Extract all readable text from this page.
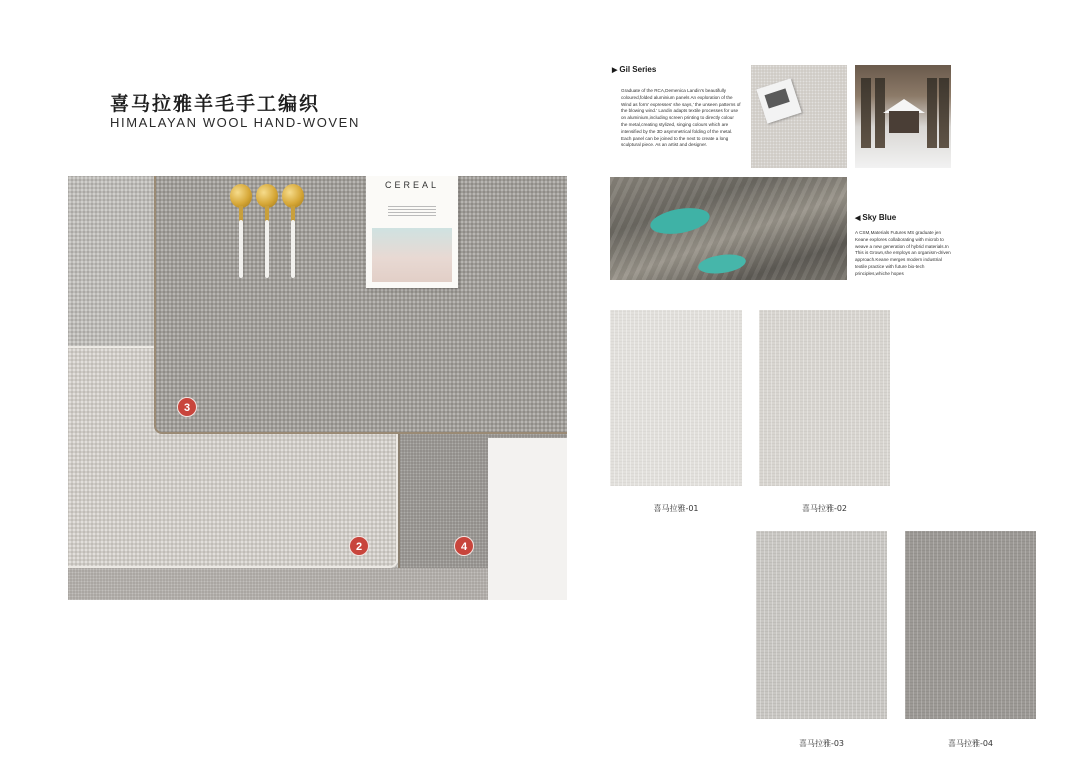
喜马拉雅羊毛手工编织
HIMALAYAN WOOL HAND-WOVEN
CEREAL
3
2	4
▶ Gil Series
Graduate of the RCA,Demenica Landin's beautifully coloured,folded aluminium panels An exploration of the Wind as form' expresses' she says,' the unseen patterns of the blowing wind.' Landin adapts textile processes for use on aluminium,including screen printing to directly colour the metal,creating stylized, singing colours which are intensified by the 3D asymmetrical folding of the metal. Each panel can be joined to the next to create a long sculptural piece. As an artist and designer.
◀ Sky Blue
A CSM,Materials Futures MS graduate jen Keane explores collaborating with microb to weave a new generation of hybrid materials.In This is Grown,she employs an organism-driven approach.Keane merges modern industrial textile practice with future bio-tech principles,whiche hopes
喜马拉雅-01	喜马拉雅-02
喜马拉雅-03	喜马拉雅-04
